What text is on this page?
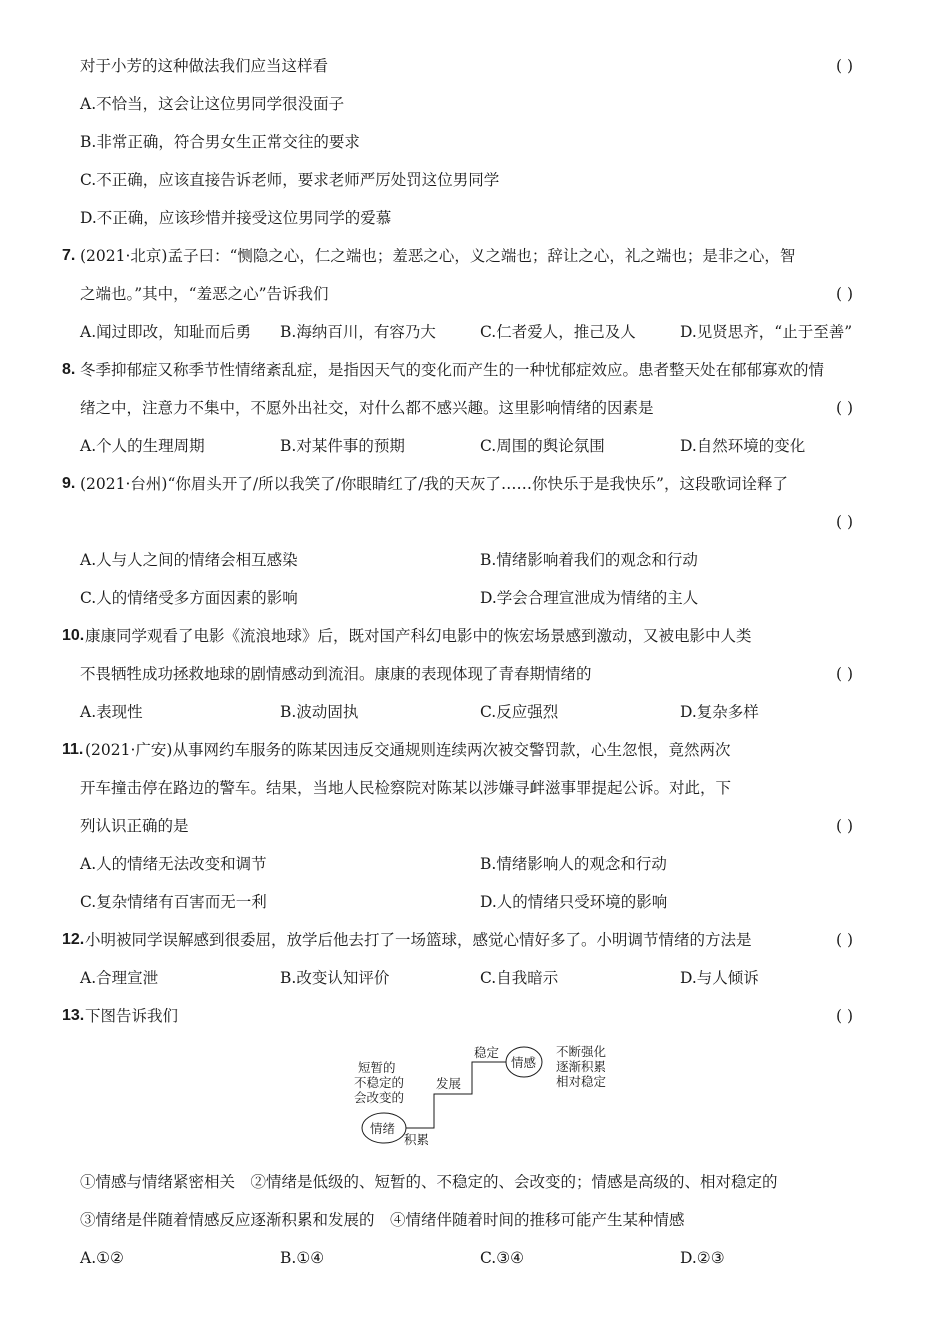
对于小芳的这种做法我们应当这样看	( )
A.不恰当，这会让这位男同学很没面子
B.非常正确，符合男女生正常交往的要求
C.不正确，应该直接告诉老师，要求老师严厉处罚这位男同学
D.不正确，应该珍惜并接受这位男同学的爱慕
7. (2021·北京)孟子曰：“恻隐之心，仁之端也；羞恶之心，义之端也；辞让之心，礼之端也；是非之心，智
之端也。”其中，“羞恶之心”告诉我们	( )
A.闻过即改，知耻而后勇 B.海纳百川，有容乃大	C.仁者爱人，推己及人	D.见贤思齐，“止于至善”
8. 冬季抑郁症又称季节性情绪紊乱症，是指因天气的变化而产生的一种忧郁症效应。患者整天处在郁郁寡欢的情
绪之中，注意力不集中，不愿外出社交，对什么都不感兴趣。这里影响情绪的因素是	( )
A.个人的生理周期	B.对某件事的预期	C.周围的舆论氛围	D.自然环境的变化
9. (2021·台州)“你眉头开了/所以我笑了/你眼睛红了/我的天灰了……你快乐于是我快乐”，这段歌词诠释了
( )
A.人与人之间的情绪会相互感染	B.情绪影响着我们的观念和行动
C.人的情绪受多方面因素的影响	D.学会合理宣泄成为情绪的主人
10. 康康同学观看了电影《流浪地球》后，既对国产科幻电影中的恢宏场景感到激动，又被电影中人类
不畏牺牲成功拯救地球的剧情感动到流泪。康康的表现体现了青春期情绪的	( )
A.表现性	B.波动固执	C.反应强烈	D.复杂多样
11. (2021·广安)从事网约车服务的陈某因违反交通规则连续两次被交警罚款，心生忽恨，竟然两次
开车撞击停在路边的警车。结果，当地人民检察院对陈某以涉嫌寻衅滋事罪提起公诉。对此，下
列认识正确的是	( )
A.人的情绪无法改变和调节	B.情绪影响人的观念和行动
C.复杂情绪有百害而无一利	D.人的情绪只受环境的影响
12. 小明被同学误解感到很委屈，放学后他去打了一场篮球，感觉心情好多了。小明调节情绪的方法是	( )
A.合理宣泄	B.改变认知评价	C.自我暗示	D.与人倾诉
13. 下图告诉我们	( )
短暂的
不稳定的
会改变的
情绪
积累
发展
稳定
情感
不断强化
逐渐积累
相对稳定
①情感与情绪紧密相关　②情绪是低级的、短暂的、不稳定的、会改变的；情感是高级的、相对稳定的
③情绪是伴随着情感反应逐渐积累和发展的　④情绪伴随着时间的推移可能产生某种情感
A.①②	B.①④	C.③④	D.②③
